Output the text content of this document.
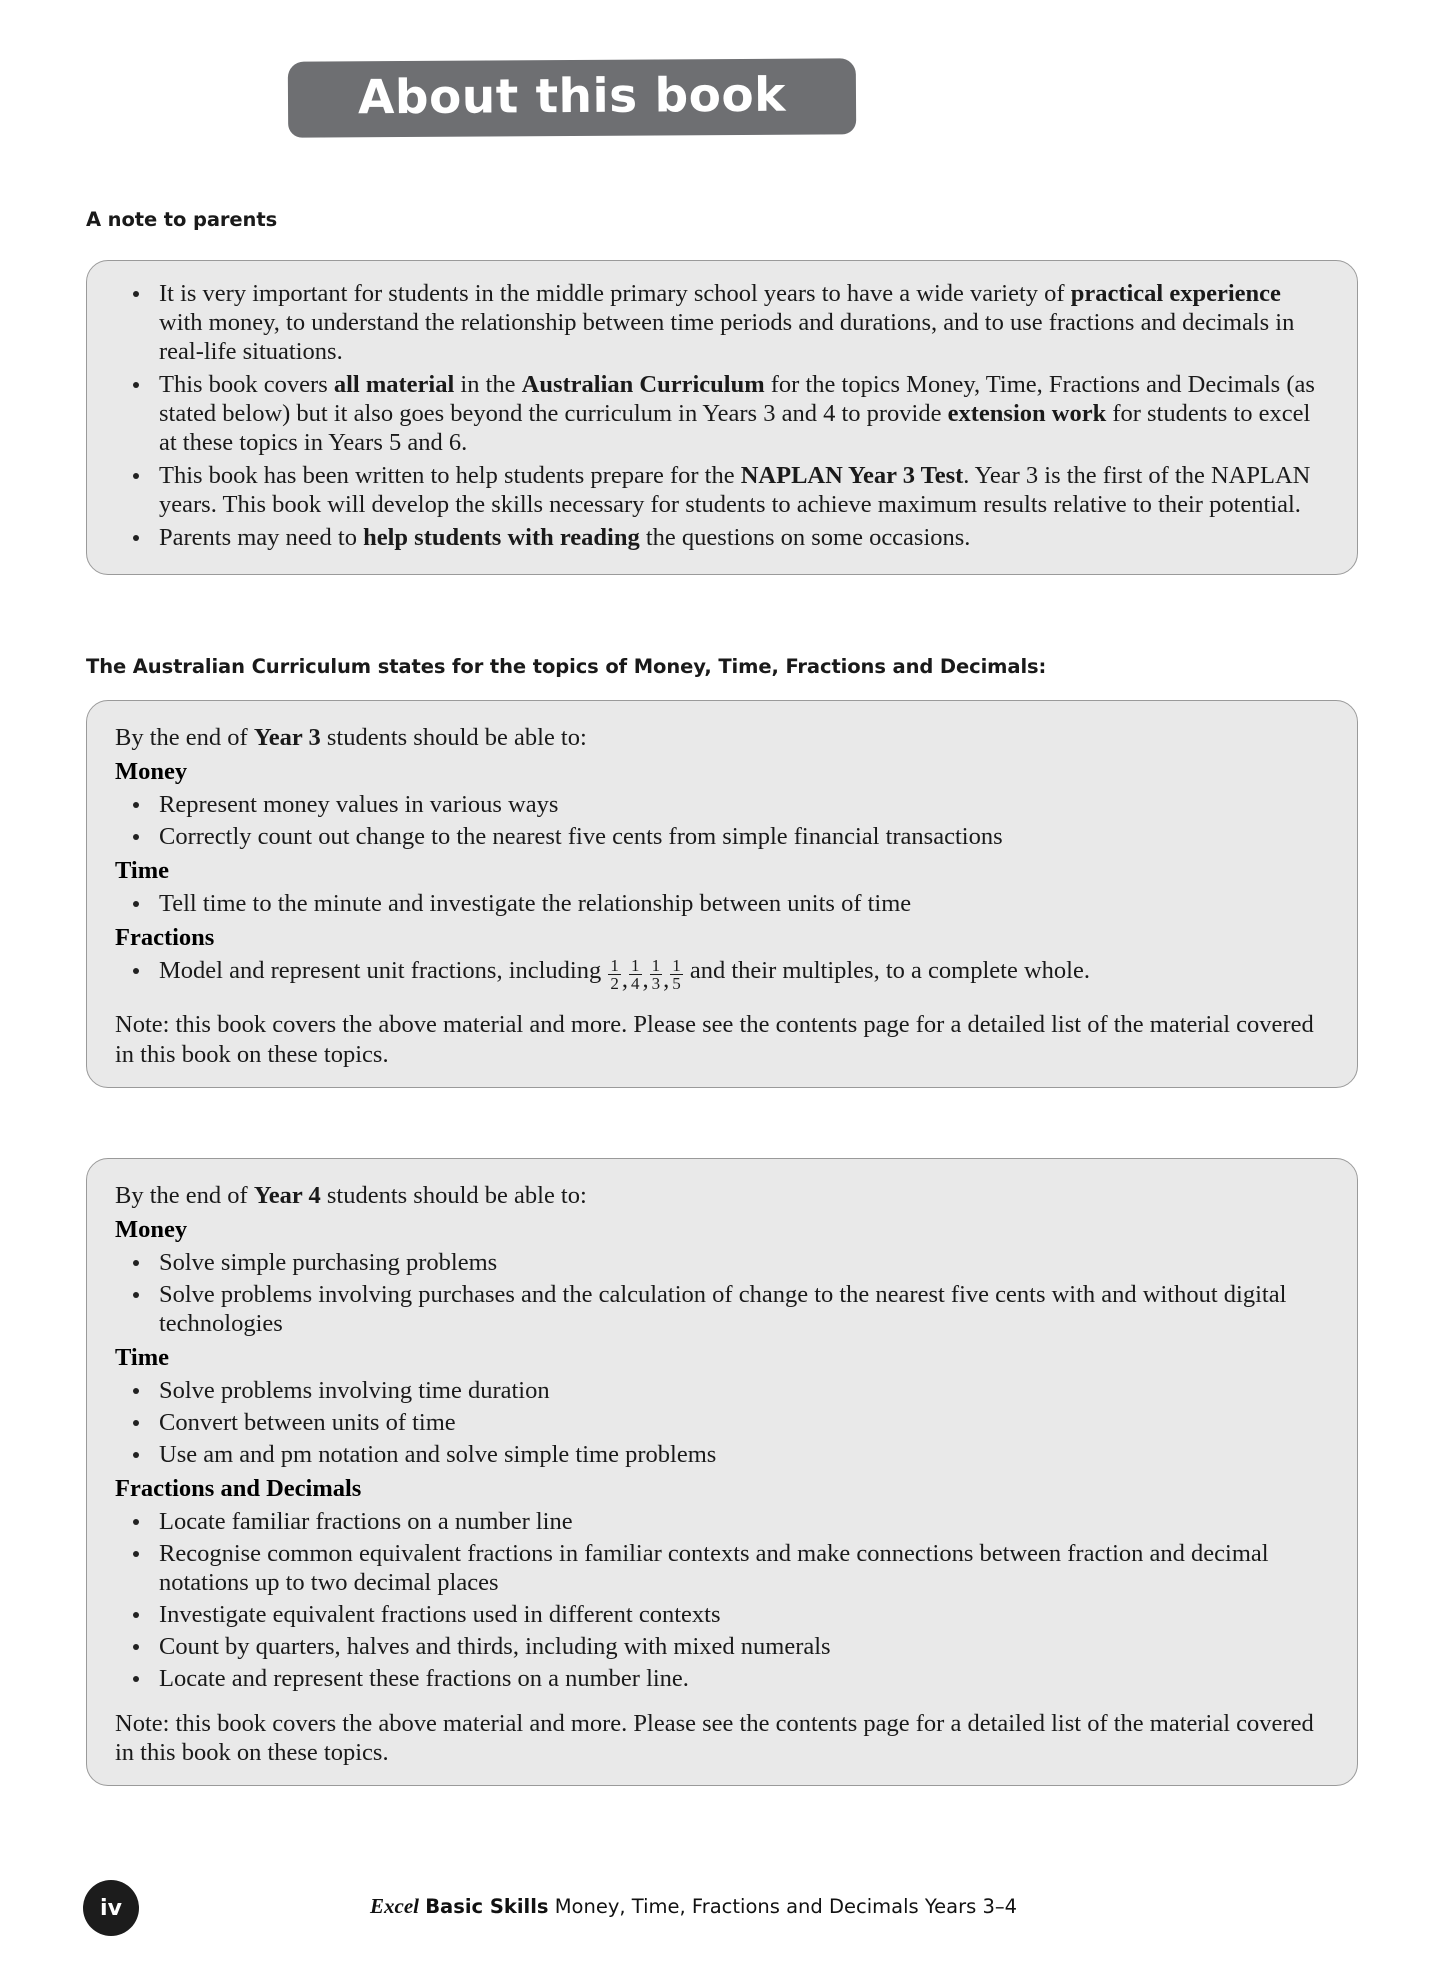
About this book
A note to parents
It is very important for students in the middle primary school years to have a wide variety of practical experience with money, to understand the relationship between time periods and durations, and to use fractions and decimals in real-life situations.
This book covers all material in the Australian Curriculum for the topics Money, Time, Fractions and Decimals (as stated below) but it also goes beyond the curriculum in Years 3 and 4 to provide extension work for students to excel at these topics in Years 5 and 6.
This book has been written to help students prepare for the NAPLAN Year 3 Test. Year 3 is the first of the NAPLAN years. This book will develop the skills necessary for students to achieve maximum results relative to their potential.
Parents may need to help students with reading the questions on some occasions.
The Australian Curriculum states for the topics of Money, Time, Fractions and Decimals:

By the end of Year 3 students should be able to:

Money
Represent money values in various ways
Correctly count out change to the nearest five cents from simple financial transactions
Time
Tell time to the minute and investigate the relationship between units of time
Fractions
Model and represent unit fractions, including $\frac{1}{2}$ , $\frac{1}{4}$ , $\frac{1}{3}$ , $\frac{1}{5}$ and their multiples, to a complete whole.

Note: this book covers the above material and more. Please see the contents page for a detailed list of the material covered in this book on these topics.

By the end of Year 4 students should be able to:

Money
Solve simple purchasing problems
Solve problems involving purchases and the calculation of change to the nearest five cents with and without digital technologies
Time
Solve problems involving time duration
Convert between units of time
Use am and pm notation and solve simple time problems
Fractions and Decimals
Locate familiar fractions on a number line
Recognise common equivalent fractions in familiar contexts and make connections between fraction and decimal notations up to two decimal places
Investigate equivalent fractions used in different contexts
Count by quarters, halves and thirds, including with mixed numerals
Locate and represent these fractions on a number line.

Note: this book covers the above material and more. Please see the contents page for a detailed list of the material covered in this book on these topics.

iv	Excel Basic Skills Money, Time, Fractions and Decimals Years 3–4
